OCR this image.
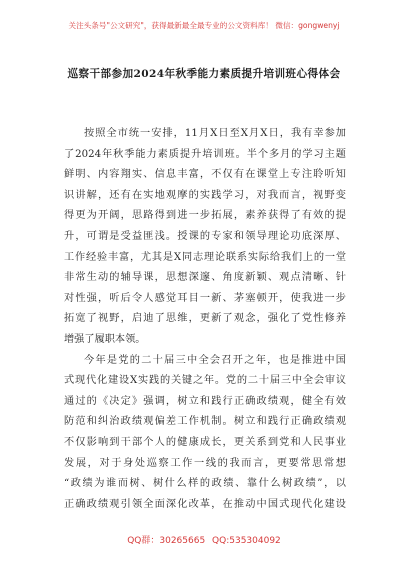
关注头条号"公文研究"，获得最新最全最专业的公文资料库！ 微信：gongwenyj
巡察干部参加2024年秋季能力素质提升培训班心得体会
按照全市统一安排，11月X日至X月X日，我有幸参加
了2024年秋季能力素质提升培训班。半个多月的学习主题
鲜明、内容翔实、信息丰富，不仅有在课堂上专注聆听知
识讲解，还有在实地观摩的实践学习，对我而言，视野变
得更为开阔，思路得到进一步拓展，素养获得了有效的提
升，可谓是受益匪浅。授课的专家和领导理论功底深厚、
工作经验丰富，尤其是X同志理论联系实际给我们上的一堂
非常生动的辅导课，思想深邃、角度新颖、观点清晰、针
对性强，听后令人感觉耳目一新、茅塞顿开，使我进一步
拓宽了视野，启迪了思维，更新了观念，强化了党性修养
增强了履职本领。
今年是党的二十届三中全会召开之年，也是推进中国
式现代化建设X实践的关键之年。党的二十届三中全会审议
通过的《决定》强调，树立和践行正确政绩观，健全有效
防范和纠治政绩观偏差工作机制。树立和践行正确政绩观
不仅影响到干部个人的健康成长，更关系到党和人民事业
发展，对于身处巡察工作一线的我而言，更要常思常想
“政绩为谁而树、树什么样的政绩、靠什么树政绩”，以
正确政绩观引领全面深化改革，在推动中国式现代化建设
QQ群：30265665 QQ:535304092
